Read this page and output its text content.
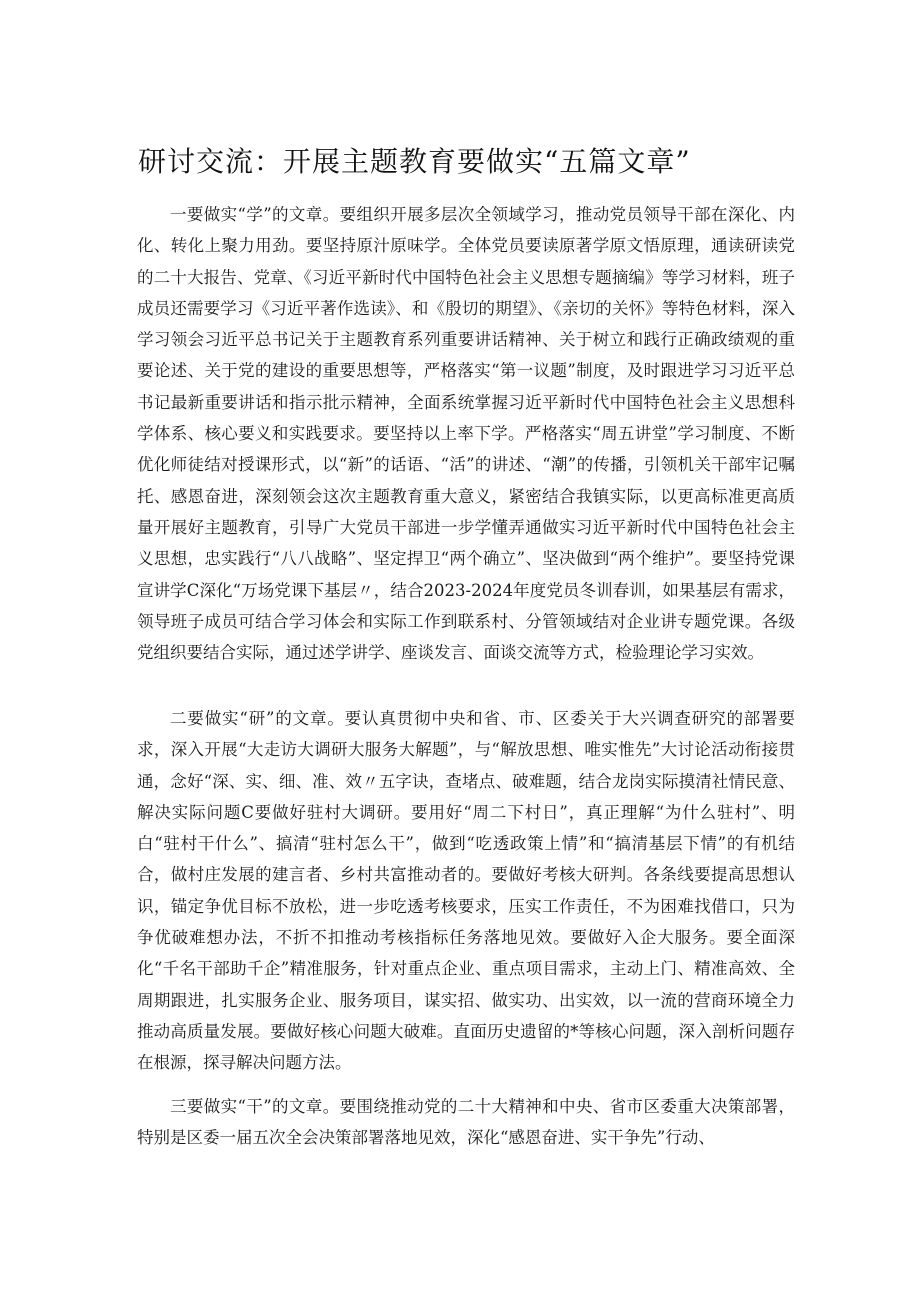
研讨交流：开展主题教育要做实“五篇文章”

一要做实“学”的文章。要组织开展多层次全领域学习，推动党员领导干部在深化、内化、转化上聚力用劲。要坚持原汁原味学。全体党员要读原著学原文悟原理，通读研读党的二十大报告、党章、《习近平新时代中国特色社会主义思想专题摘编》等学习材料，班子成员还需要学习《习近平著作选读》、和《殷切的期望》、《亲切的关怀》等特色材料，深入学习领会习近平总书记关于主题教育系列重要讲话精神、关于树立和践行正确政绩观的重要论述、关于党的建设的重要思想等，严格落实“第一议题”制度，及时跟进学习习近平总书记最新重要讲话和指示批示精神，全面系统掌握习近平新时代中国特色社会主义思想科学体系、核心要义和实践要求。要坚持以上率下学。严格落实“周五讲堂”学习制度、不断优化师徒结对授课形式，以“新”的话语、“活”的讲述、“潮”的传播，引领机关干部牢记嘱托、感恩奋进，深刻领会这次主题教育重大意义，紧密结合我镇实际，以更高标准更高质量开展好主题教育，引导广大党员干部进一步学懂弄通做实习近平新时代中国特色社会主义思想，忠实践行“八八战略”、坚定捍卫“两个确立”、坚决做到“两个维护”。要坚持党课宣讲学C深化“万场党课下基层〃，结合2023-2024年度党员冬训春训，如果基层有需求，领导班子成员可结合学习体会和实际工作到联系村、分管领域结对企业讲专题党课。各级党组织要结合实际，通过述学讲学、座谈发言、面谈交流等方式，检验理论学习实效。

二要做实“研”的文章。要认真贯彻中央和省、市、区委关于大兴调查研究的部署要求，深入开展“大走访大调研大服务大解题”，与“解放思想、唯实惟先”大讨论活动衔接贯通，念好“深、实、细、准、效〃五字诀，查堵点、破难题，结合龙岗实际摸清社情民意、解决实际问题C要做好驻村大调研。要用好“周二下村日”，真正理解“为什么驻村”、明白“驻村干什么”、搞清“驻村怎么干”，做到“吃透政策上情”和“搞清基层下情”的有机结合，做村庄发展的建言者、乡村共富推动者的。要做好考核大研判。各条线要提高思想认识，锚定争优目标不放松，进一步吃透考核要求，压实工作责任，不为困难找借口，只为争优破难想办法，不折不扣推动考核指标任务落地见效。要做好入企大服务。要全面深化“千名干部助千企”精准服务，针对重点企业、重点项目需求，主动上门、精准高效、全周期跟进，扎实服务企业、服务项目，谋实招、做实功、出实效，以一流的营商环境全力推动高质量发展。要做好核心问题大破难。直面历史遗留的*等核心问题，深入剖析问题存在根源，探寻解决问题方法。

三要做实“干”的文章。要围绕推动党的二十大精神和中央、省市区委重大决策部署，特别是区委一届五次全会决策部署落地见效，深化“感恩奋进、实干争先”行动、
